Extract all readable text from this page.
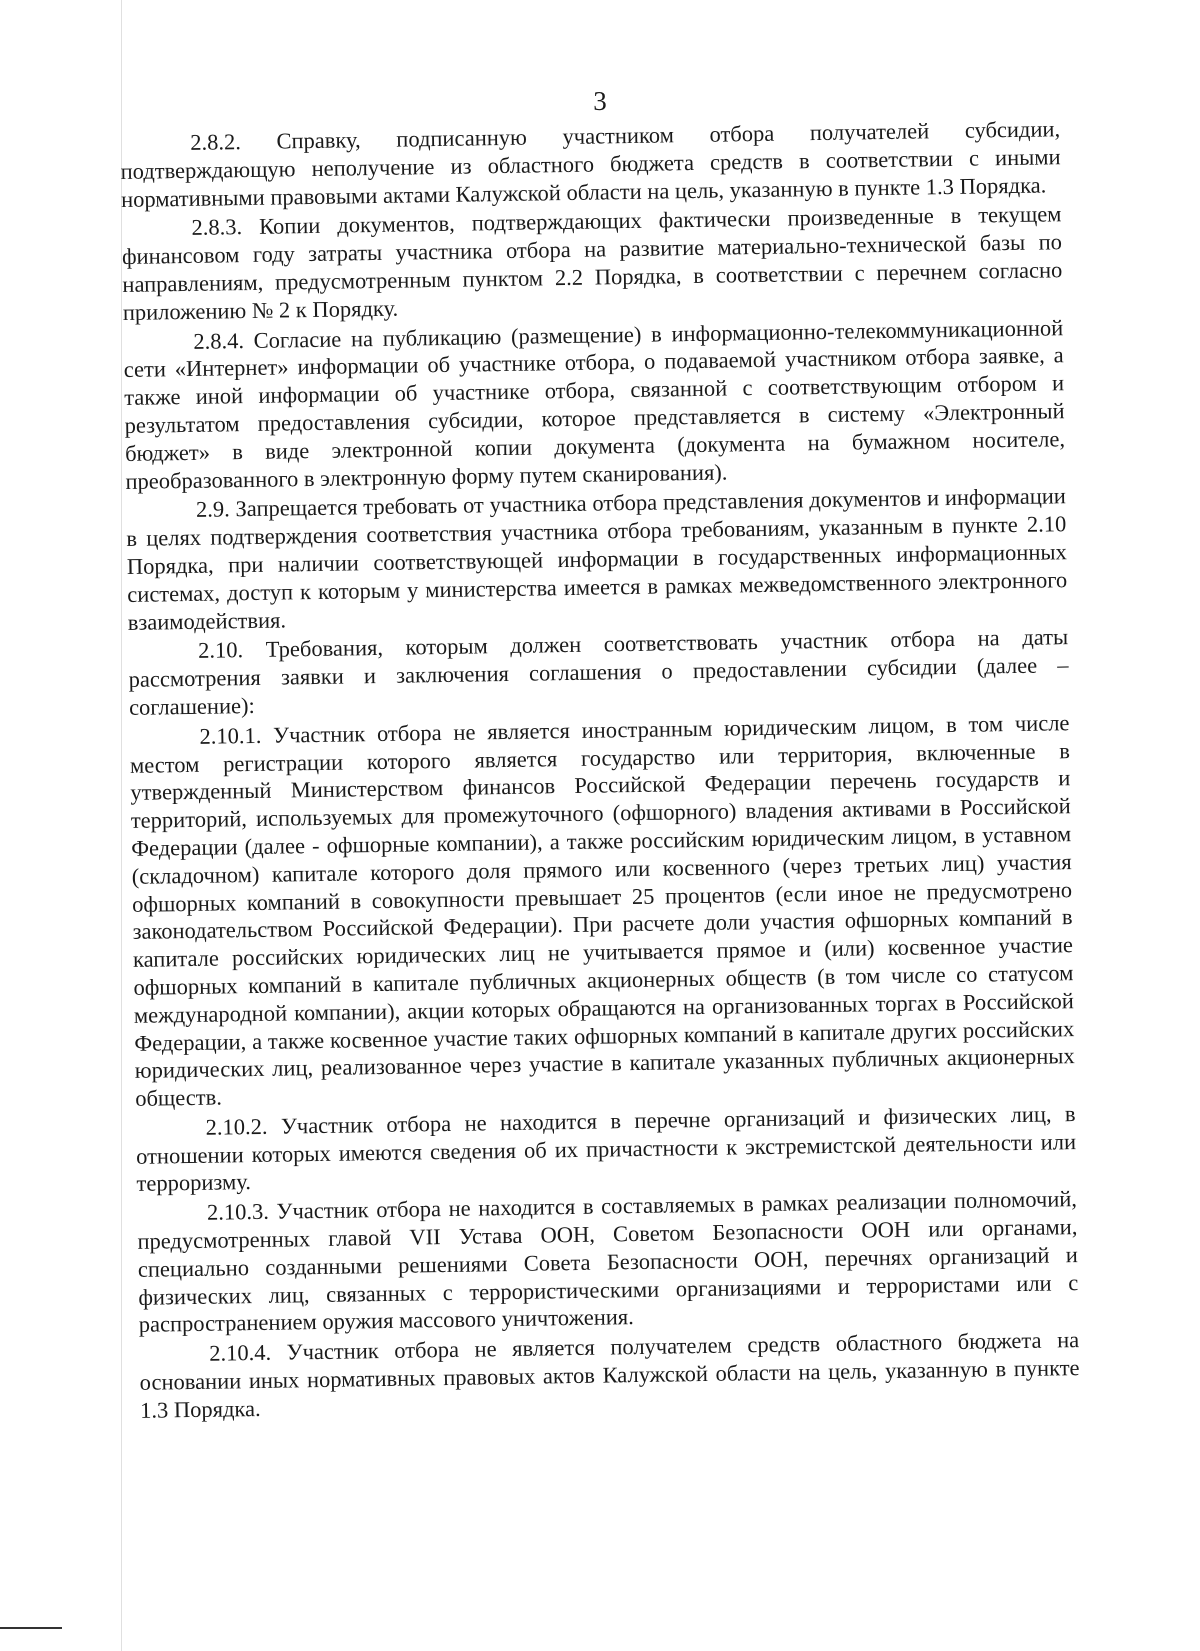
3

2.8.2. Справку, подписанную участником отбора получателей субсидии, подтверждающую неполучение из областного бюджета средств в соответствии с иными нормативными правовыми актами Калужской области на цель, указанную в пункте 1.3 Порядка.

2.8.3. Копии документов, подтверждающих фактически произведенные в текущем финансовом году затраты участника отбора на развитие материально-технической базы по направлениям, предусмотренным пунктом 2.2 Порядка, в соответствии с перечнем согласно приложению № 2 к Порядку.

2.8.4. Согласие на публикацию (размещение) в информационно-телекоммуникационной сети «Интернет» информации об участнике отбора, о подаваемой участником отбора заявке, а также иной информации об участнике отбора, связанной с соответствующим отбором и результатом предоставления субсидии, которое представляется в систему «Электронный бюджет» в виде электронной копии документа (документа на бумажном носителе, преобразованного в электронную форму путем сканирования).

2.9. Запрещается требовать от участника отбора представления документов и информации в целях подтверждения соответствия участника отбора требованиям, указанным в пункте 2.10 Порядка, при наличии соответствующей информации в государственных информационных системах, доступ к которым у министерства имеется в рамках межведомственного электронного взаимодействия.

2.10. Требования, которым должен соответствовать участник отбора на даты рассмотрения заявки и заключения соглашения о предоставлении субсидии (далее – соглашение):

2.10.1. Участник отбора не является иностранным юридическим лицом, в том числе местом регистрации которого является государство или территория, включенные в утвержденный Министерством финансов Российской Федерации перечень государств и территорий, используемых для промежуточного (офшорного) владения активами в Российской Федерации (далее - офшорные компании), а также российским юридическим лицом, в уставном (складочном) капитале которого доля прямого или косвенного (через третьих лиц) участия офшорных компаний в совокупности превышает 25 процентов (если иное не предусмотрено законодательством Российской Федерации). При расчете доли участия офшорных компаний в капитале российских юридических лиц не учитывается прямое и (или) косвенное участие офшорных компаний в капитале публичных акционерных обществ (в том числе со статусом международной компании), акции которых обращаются на организованных торгах в Российской Федерации, а также косвенное участие таких офшорных компаний в капитале других российских юридических лиц, реализованное через участие в капитале указанных публичных акционерных обществ.

2.10.2. Участник отбора не находится в перечне организаций и физических лиц, в отношении которых имеются сведения об их причастности к экстремистской деятельности или терроризму.

2.10.3. Участник отбора не находится в составляемых в рамках реализации полномочий, предусмотренных главой VII Устава ООН, Советом Безопасности ООН или органами, специально созданными решениями Совета Безопасности ООН, перечнях организаций и физических лиц, связанных с террористическими организациями и террористами или с распространением оружия массового уничтожения.

2.10.4. Участник отбора не является получателем средств областного бюджета на основании иных нормативных правовых актов Калужской области на цель, указанную в пункте 1.3 Порядка.
